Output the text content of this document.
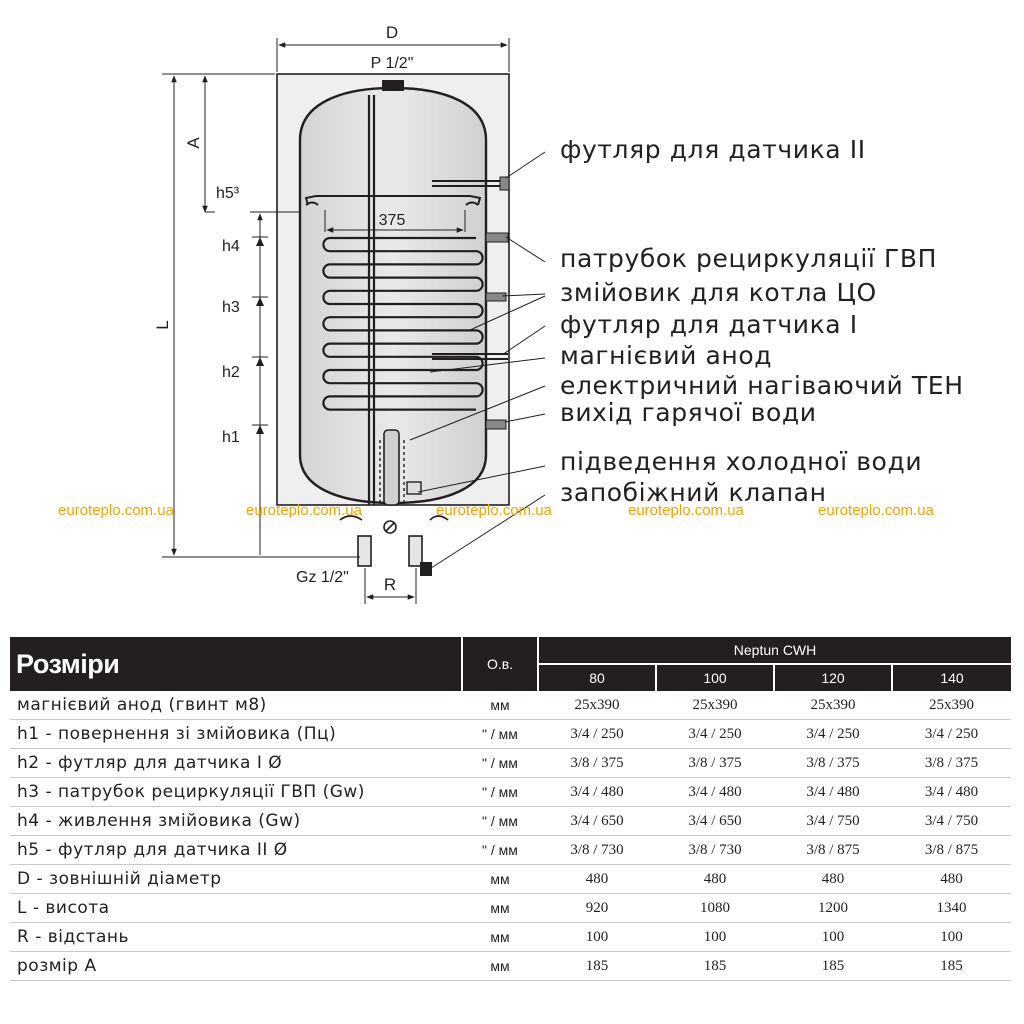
375
D
P 1/2"
L
A
h5³
h4
h3
h2
h1
Gz 1/2" R
футляр для датчика II
патрубок рециркуляції ГВП
змійовик для котла ЦО
футляр для датчика І
магнієвий анод
електричний нагіваючий ТЕН
вихід гарячої води
підведення холодної води
запобіжний клапан
euroteplo.com.ua	euroteplo.com.ua	euroteplo.com.ua	euroteplo.com.ua	euroteplo.com.ua
Розміри	О.в.	Neptun CWH			
		80	100	120	140
магнієвий анод (гвинт м8)	мм	25x390	25x390	25x390	25x390
h1 - повернення зі змійовика (Пц)	" / мм	3/4 / 250	3/4 / 250	3/4 / 250	3/4 / 250
h2 - футляр для датчика І Ø	" / мм	3/8 / 375	3/8 / 375	3/8 / 375	3/8 / 375
h3 - патрубок рециркуляції ГВП (Gw)	" / мм	3/4 / 480	3/4 / 480	3/4 / 480	3/4 / 480
h4 - живлення змійовика (Gw)	" / мм	3/4 / 650	3/4 / 650	3/4 / 750	3/4 / 750
h5 - футляр для датчика ІІ Ø	" / мм	3/8 / 730	3/8 / 730	3/8 / 875	3/8 / 875
D - зовнішній діаметр	мм	480	480	480	480
L - висота	мм	920	1080	1200	1340
R - відстань	мм	100	100	100	100
розмір А	мм	185	185	185	185
